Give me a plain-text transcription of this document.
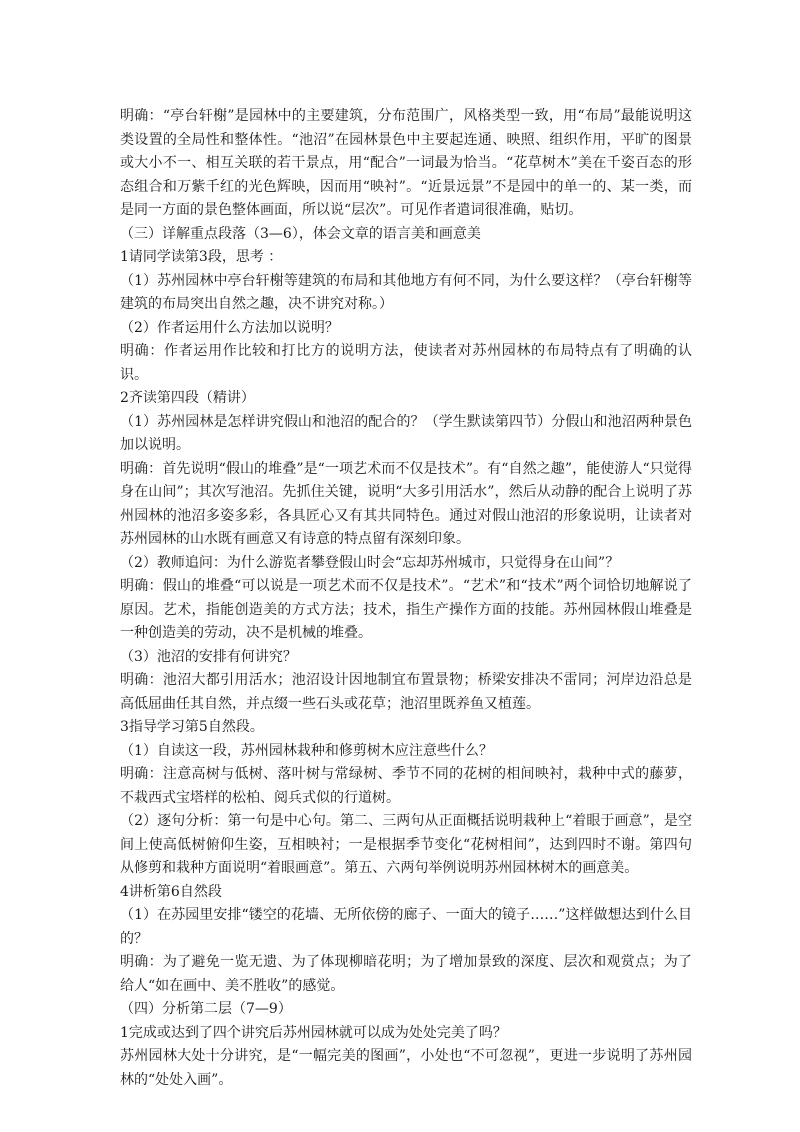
明确：“亭台轩榭”是园林中的主要建筑，分布范围广，风格类型一致，用“布局”最能说明这类设置的全局性和整体性。“池沼”在园林景色中主要起连通、映照、组织作用，平旷的图景或大小不一、相互关联的若干景点，用“配合”一词最为恰当。“花草树木”美在千姿百态的形态组合和万紫千红的光色辉映，因而用“映衬”。“近景远景”不是园中的单一的、某一类，而是同一方面的景色整体画面，所以说“层次”。可见作者遣词很准确，贴切。

（三）详解重点段落（3—6），体会文章的语言美和画意美

1请同学读第3段，思考 ：

（1）苏州园林中亭台轩榭等建筑的布局和其他地方有何不同，为什么要这样？（亭台轩榭等建筑的布局突出自然之趣，决不讲究对称。）

（2）作者运用什么方法加以说明？

明确：作者运用作比较和打比方的说明方法，使读者对苏州园林的布局特点有了明确的认识。

2齐读第四段（精讲）

（1）苏州园林是怎样讲究假山和池沼的配合的？（学生默读第四节）分假山和池沼两种景色加以说明。

明确：首先说明“假山的堆叠”是“一项艺术而不仅是技术”。有“自然之趣”，能使游人“只觉得身在山间”；其次写池沼。先抓住关键，说明“大多引用活水”，然后从动静的配合上说明了苏州园林的池沼多姿多彩，各具匠心又有其共同特色。通过对假山池沼的形象说明，让读者对苏州园林的山水既有画意又有诗意的特点留有深刻印象。

（2）教师追问：为什么游览者攀登假山时会“忘却苏州城市，只觉得身在山间”？

明确：假山的堆叠“可以说是一项艺术而不仅是技术”。“艺术”和“技术”两个词恰切地解说了原因。艺术，指能创造美的方式方法；技术，指生产操作方面的技能。苏州园林假山堆叠是一种创造美的劳动，决不是机械的堆叠。

（3）池沼的安排有何讲究？

明确：池沼大都引用活水；池沼设计因地制宜布置景物；桥梁安排决不雷同；河岸边沿总是高低屈曲任其自然，并点缀一些石头或花草；池沼里既养鱼又植莲。

3指导学习第5自然段。

（1）自读这一段，苏州园林栽种和修剪树木应注意些什么？

明确：注意高树与低树、落叶树与常绿树、季节不同的花树的相间映衬，栽种中式的藤萝，不栽西式宝塔样的松柏、阅兵式似的行道树。

（2）逐句分析：第一句是中心句。第二、三两句从正面概括说明栽种上“着眼于画意”，是空间上使高低树俯仰生姿，互相映衬；一是根据季节变化“花树相间”，达到四时不谢。第四句从修剪和栽种方面说明“着眼画意”。第五、六两句举例说明苏州园林树木的画意美。

4讲析第6自然段

（1）在苏园里安排“镂空的花墙、无所依傍的廊子、一面大的镜子……”这样做想达到什么目的？

明确：为了避免一览无遗、为了体现柳暗花明；为了增加景致的深度、层次和观赏点；为了给人“如在画中、美不胜收”的感觉。

（四）分析第二层（7—9）

1完成或达到了四个讲究后苏州园林就可以成为处处完美了吗？

苏州园林大处十分讲究，是“一幅完美的图画”，小处也“不可忽视”，更进一步说明了苏州园林的“处处入画”。
